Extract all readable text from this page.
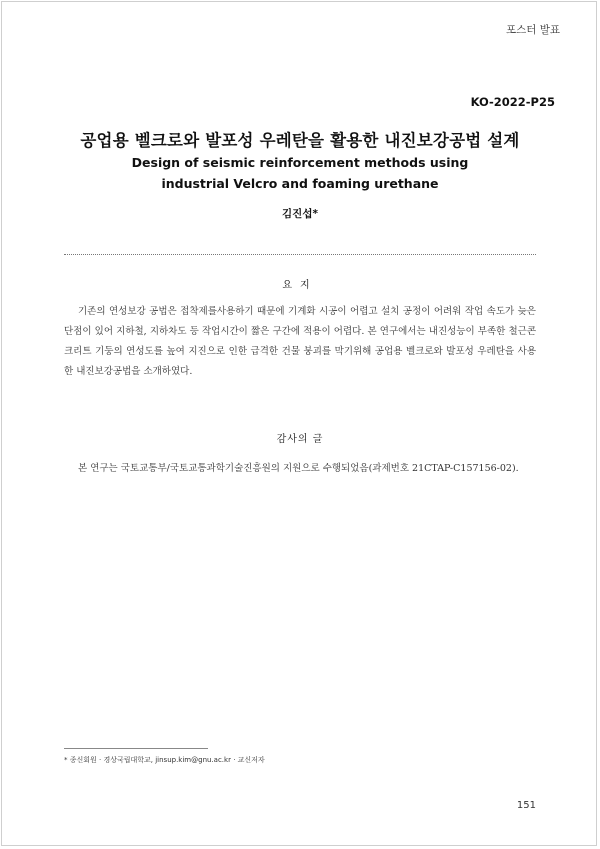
포스터 발표
KO-2022-P25
공업용 벨크로와 발포성 우레탄을 활용한 내진보강공법 설계
Design of seismic reinforcement methods using
industrial Velcro and foaming urethane
김진섭*
요지

기존의 연성보강 공법은 접착제를사용하기 때문에 기계화 시공이 어렵고 설치 공정이 어려워 작업 속도가 늦은 단점이 있어 지하철, 지하차도 등 작업시간이 짧은 구간에 적용이 어렵다. 본 연구에서는 내진성능이 부족한 철근콘크리트 기둥의 연성도를 높여 지진으로 인한 급격한 건물 붕괴를 막기위해 공업용 벨크로와 발포성 우레탄을 사용한 내진보강공법을 소개하였다.

감사의 글

본 연구는 국토교통부/국토교통과학기술진흥원의 지원으로 수행되었음(과제번호 21CTAP-C157156-02).

* 종신회원 · 경상국립대학교, jinsup.kim@gnu.ac.kr · 교신저자
151
